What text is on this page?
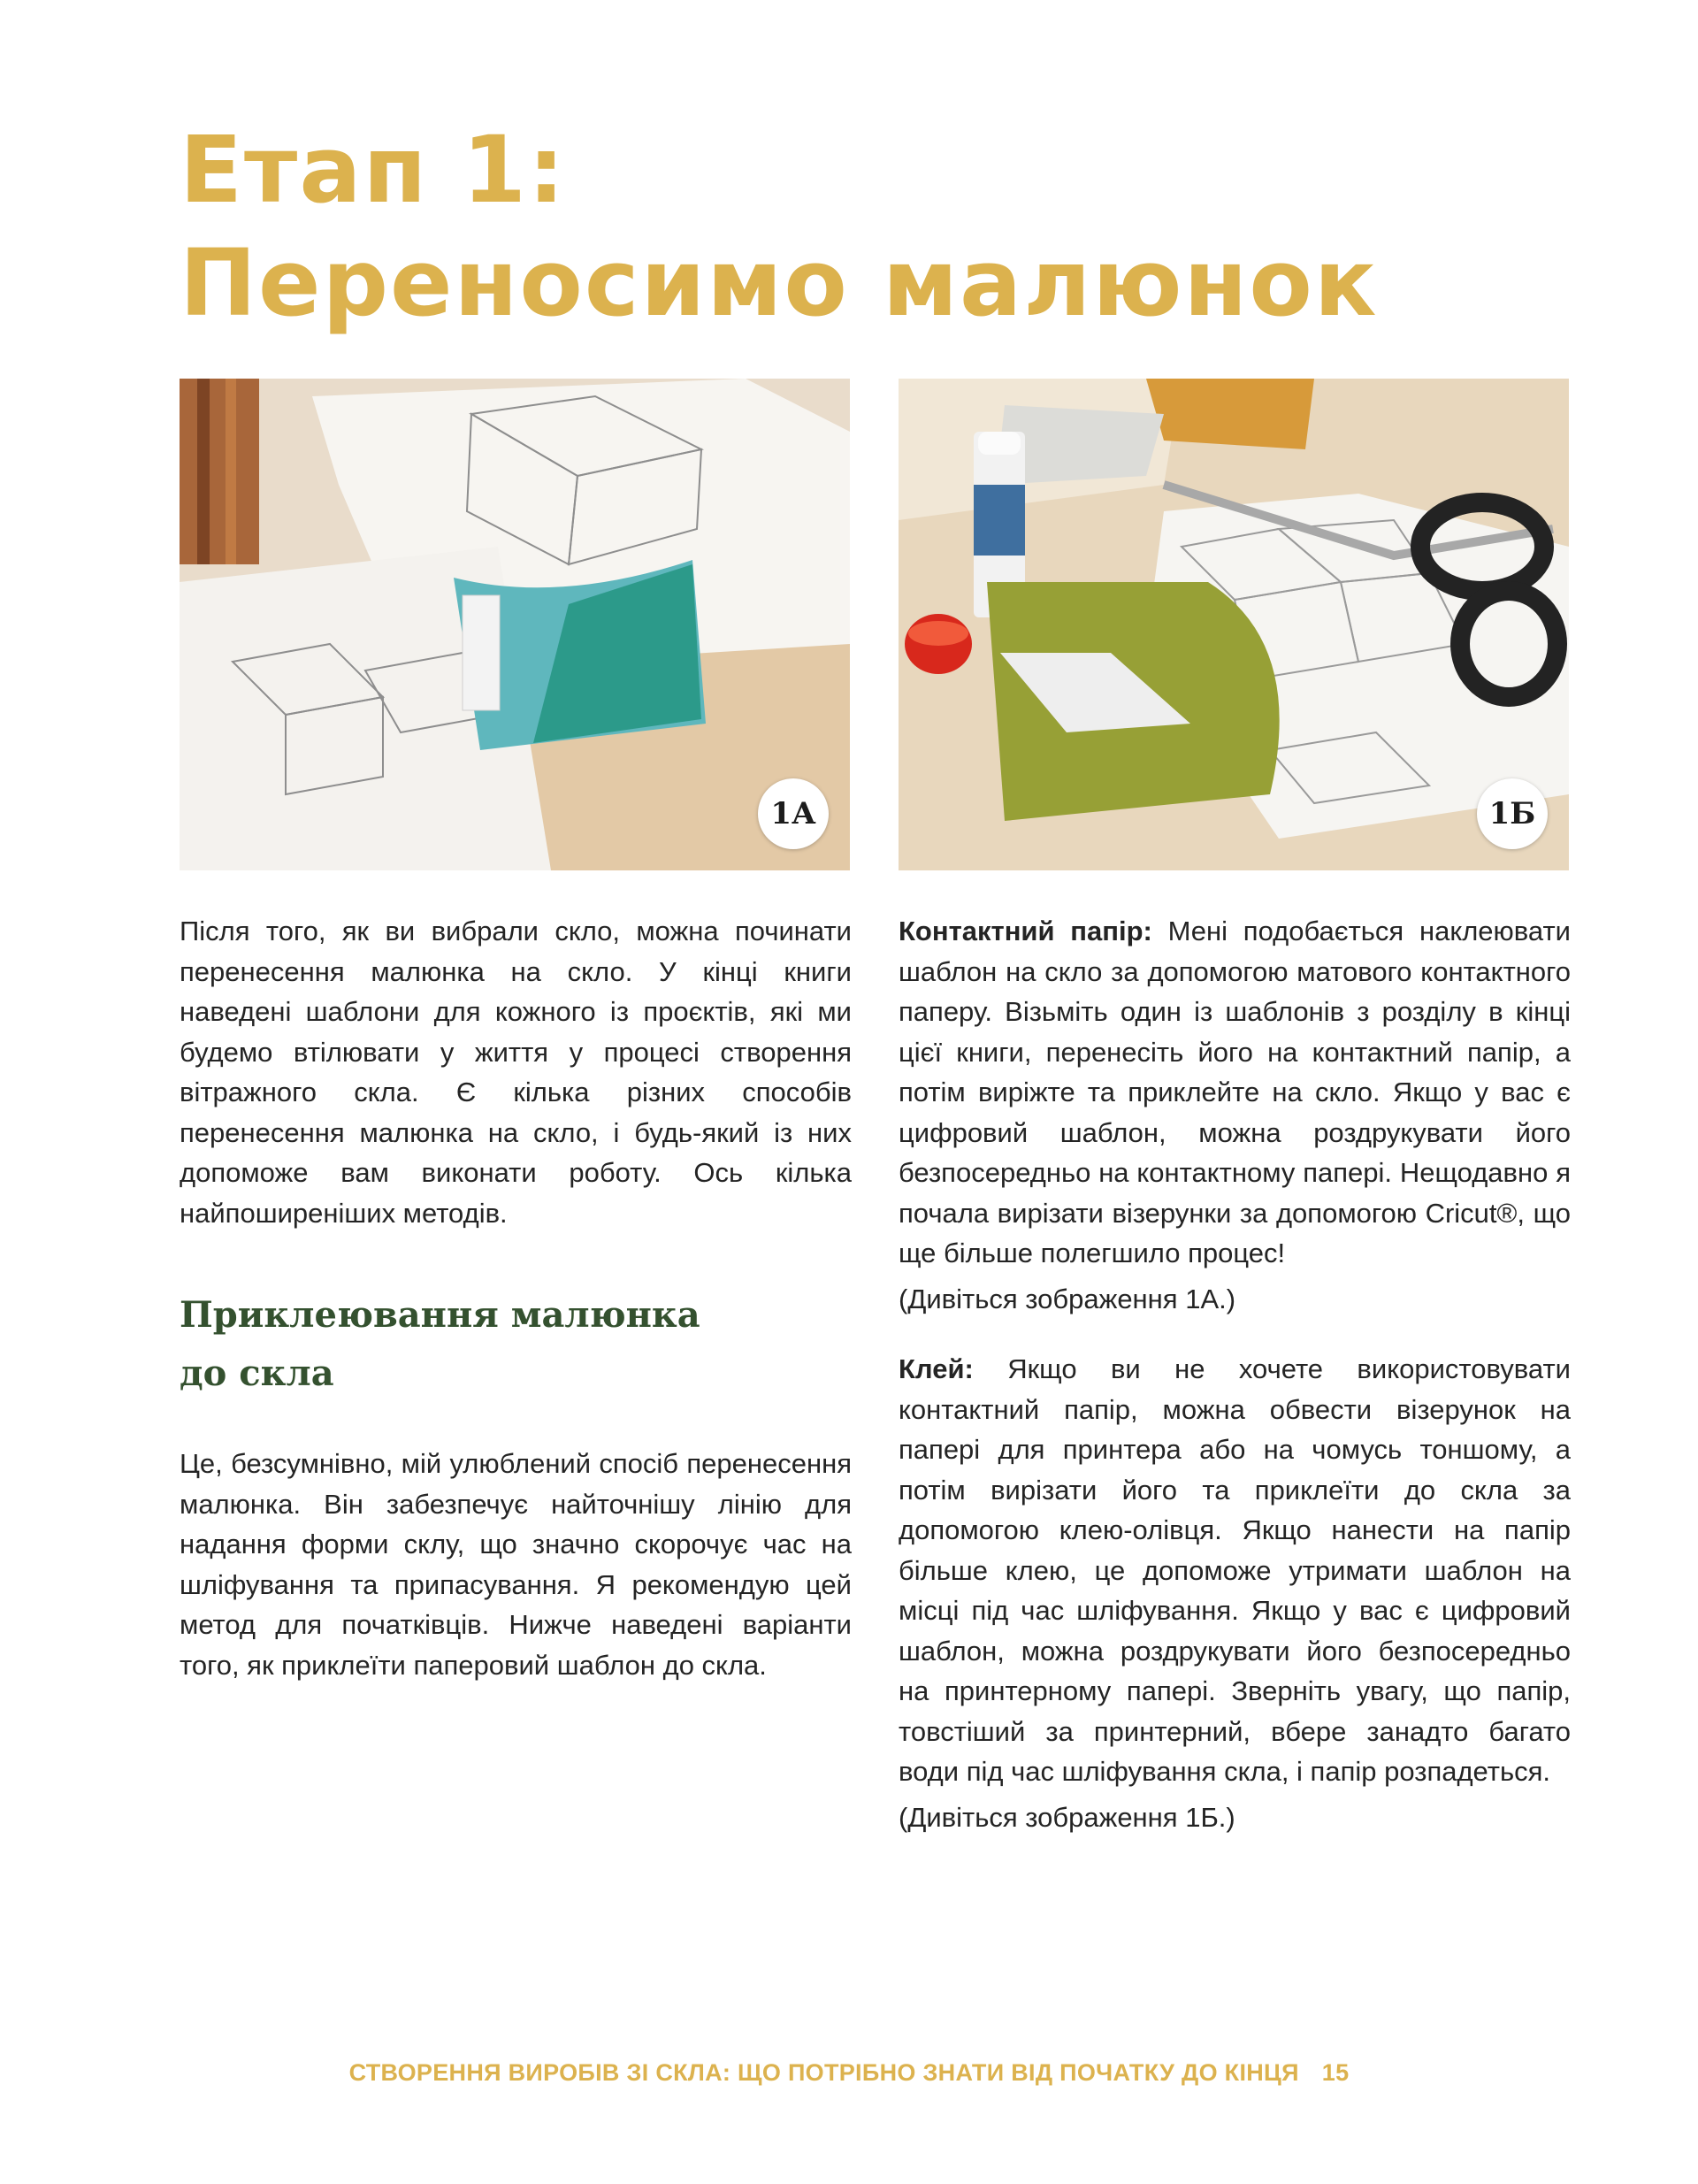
Етап 1:
Переносимо малюнок
1А	1Б

Після того, як ви вибрали скло, можна починати перенесення малюнка на скло. У кінці книги наведені шаблони для кожного із проєктів, які ми будемо втілювати у життя у процесі створення вітражного скла. Є кілька різних способів перенесення малюнка на скло, і будь-який із них допоможе вам виконати роботу. Ось кілька найпоширеніших методів.

Приклеювання малюнка
до скла

Це, безсумнівно, мій улюблений спосіб перенесення малюнка. Він забезпечує найточнішу лінію для надання форми склу, що значно скорочує час на шліфування та припасування. Я рекомендую цей метод для початківців. Нижче наведені варіанти того, як приклеїти паперовий шаблон до скла.

Контактний папір: Мені подобається наклеювати шаблон на скло за допомогою матового контактного паперу. Візьміть один із шаблонів з розділу в кінці цієї книги, перенесіть його на контактний папір, а потім виріжте та приклейте на скло. Якщо у вас є цифровий шаблон, можна роздрукувати його безпосередньо на контактному папері. Нещодавно я почала вирізати візерунки за допомогою Cricut®, що ще більше полегшило процес!

(Дивіться зображення 1А.)

Клей: Якщо ви не хочете використовувати контактний папір, можна обвести візерунок на папері для принтера або на чомусь тоншому, а потім вирізати його та приклеїти до скла за допомогою клею-олівця. Якщо нанести на папір більше клею, це допоможе утримати шаблон на місці під час шліфування. Якщо у вас є цифровий шаблон, можна роздрукувати його безпосередньо на принтерному папері. Зверніть увагу, що папір, товстіший за принтерний, вбере занадто багато води під час шліфування скла, і папір розпадеться.

(Дивіться зображення 1Б.)

СТВОРЕННЯ ВИРОБІВ ЗІ СКЛА: ЩО ПОТРІБНО ЗНАТИ ВІД ПОЧАТКУ ДО КІНЦЯ 15
